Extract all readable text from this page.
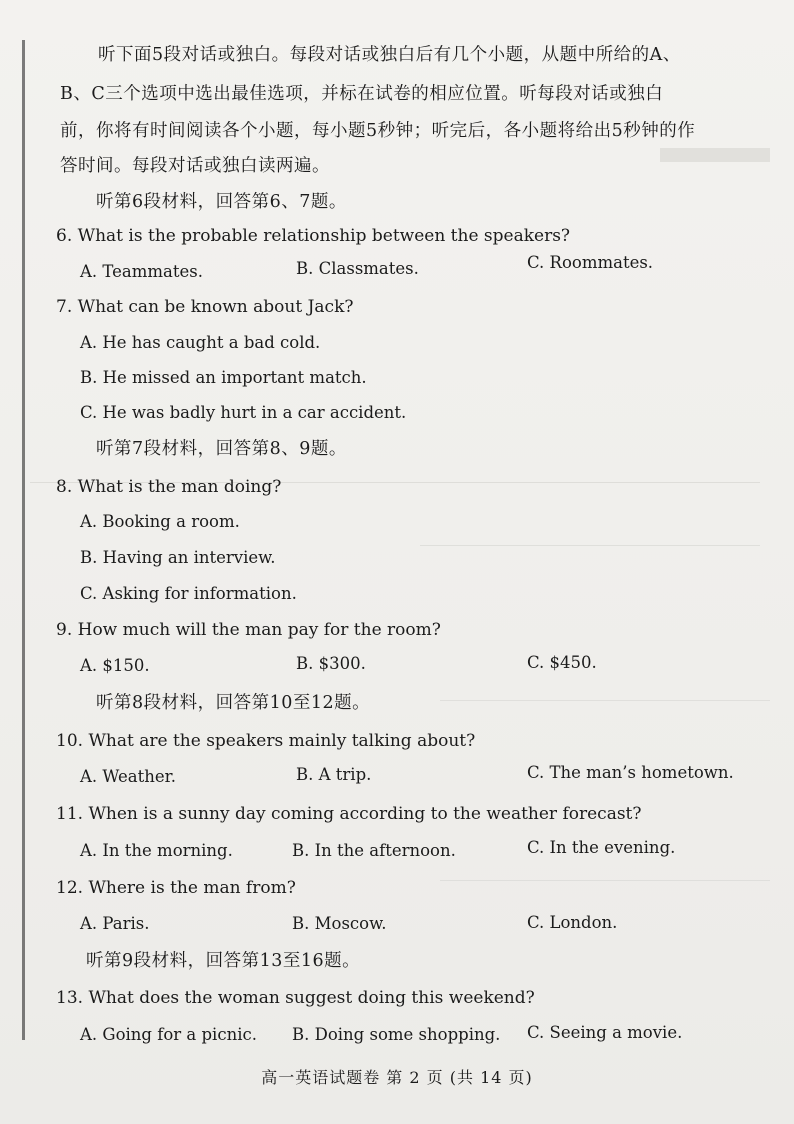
听下面5段对话或独白。每段对话或独白后有几个小题，从题中所给的A、
B、C三个选项中选出最佳选项，并标在试卷的相应位置。听每段对话或独白
前，你将有时间阅读各个小题，每小题5秒钟；听完后，各小题将给出5秒钟的作
答时间。每段对话或独白读两遍。
听第6段材料，回答第6、7题。
6. What is the probable relationship between the speakers?
A. Teammates.	B. Classmates.	C. Roommates.
7. What can be known about Jack?
A. He has caught a bad cold.
B. He missed an important match.
C. He was badly hurt in a car accident.
听第7段材料，回答第8、9题。
8. What is the man doing?
A. Booking a room.
B. Having an interview.
C. Asking for information.
9. How much will the man pay for the room?
A. $150.	B. $300.	C. $450.
听第8段材料，回答第10至12题。
10. What are the speakers mainly talking about?
A. Weather.	B. A trip.	C. The man’s hometown.
11. When is a sunny day coming according to the weather forecast?
A. In the morning.	B. In the afternoon.	C. In the evening.
12. Where is the man from?
A. Paris.	B. Moscow.	C. London.
听第9段材料，回答第13至16题。
13. What does the woman suggest doing this weekend?
A. Going for a picnic. B. Doing some shopping. C. Seeing a movie.
高一英语试题卷 第 2 页 (共 14 页)
